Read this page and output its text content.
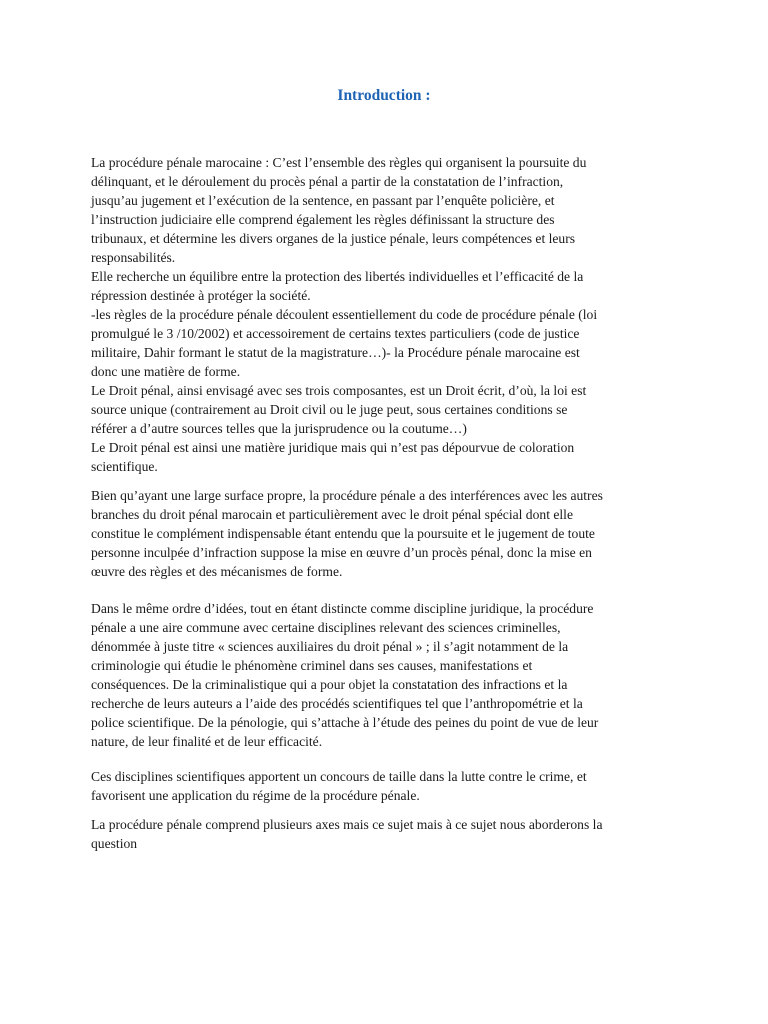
Introduction :

La procédure pénale marocaine : C’est l’ensemble des règles qui organisent la poursuite du
délinquant, et le déroulement du procès pénal a partir de la constatation de l’infraction,
jusqu’au jugement et l’exécution de la sentence, en passant par l’enquête policière, et
l’instruction judiciaire elle comprend également les règles définissant la structure des
tribunaux, et détermine les divers organes de la justice pénale, leurs compétences et leurs
responsabilités.
Elle recherche un équilibre entre la protection des libertés individuelles et l’efficacité de la
répression destinée à protéger la société.
-les règles de la procédure pénale découlent essentiellement du code de procédure pénale (loi
promulgué le 3 /10/2002) et accessoirement de certains textes particuliers (code de justice
militaire, Dahir formant le statut de la magistrature…)- la Procédure pénale marocaine est
donc une matière de forme.
Le Droit pénal, ainsi envisagé avec ses trois composantes, est un Droit écrit, d’où, la loi est
source unique (contrairement au Droit civil ou le juge peut, sous certaines conditions se
référer a d’autre sources telles que la jurisprudence ou la coutume…)
Le Droit pénal est ainsi une matière juridique mais qui n’est pas dépourvue de coloration
scientifique.

Bien qu’ayant une large surface propre, la procédure pénale a des interférences avec les autres
branches du droit pénal marocain et particulièrement avec le droit pénal spécial dont elle
constitue le complément indispensable étant entendu que la poursuite et le jugement de toute
personne inculpée d’infraction suppose la mise en œuvre d’un procès pénal, donc la mise en
œuvre des règles et des mécanismes de forme.

Dans le même ordre d’idées, tout en étant distincte comme discipline juridique, la procédure
pénale a une aire commune avec certaine disciplines relevant des sciences criminelles,
dénommée à juste titre « sciences auxiliaires du droit pénal » ; il s’agit notamment de la
criminologie qui étudie le phénomène criminel dans ses causes, manifestations et
conséquences. De la criminalistique qui a pour objet la constatation des infractions et la
recherche de leurs auteurs a l’aide des procédés scientifiques tel que l’anthropométrie et la
police scientifique. De la pénologie, qui s’attache à l’étude des peines du point de vue de leur
nature, de leur finalité et de leur efficacité.

Ces disciplines scientifiques apportent un concours de taille dans la lutte contre le crime, et
favorisent une application du régime de la procédure pénale.

La procédure pénale comprend plusieurs axes mais ce sujet mais à ce sujet nous aborderons la
question
